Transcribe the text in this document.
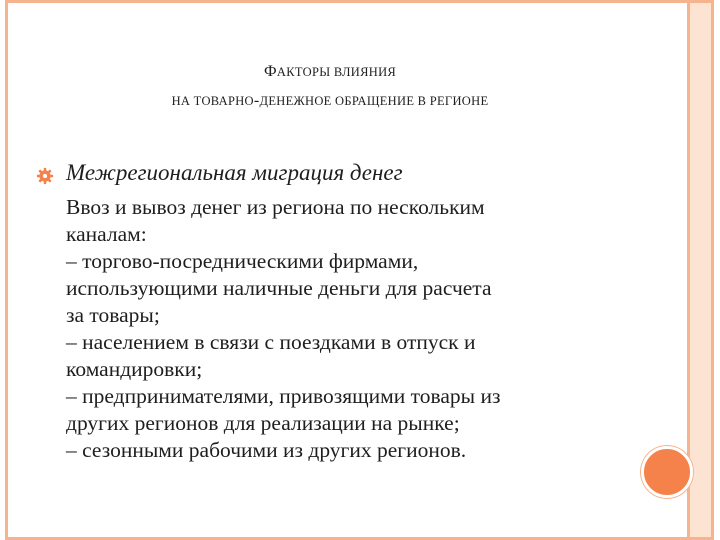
ФАКТОРЫ ВЛИЯНИЯ
НА ТОВАРНО-ДЕНЕЖНОЕ ОБРАЩЕНИЕ В РЕГИОНЕ
Межрегиональная миграция денег
Ввоз и вывоз денег из региона по нескольким
каналам:
– торгово-посредническими фирмами,
использующими наличные деньги для расчета
за товары;
– населением в связи с поездками в отпуск и
командировки;
– предпринимателями, привозящими товары из
других регионов для реализации на рынке;
– сезонными рабочими из других регионов.
